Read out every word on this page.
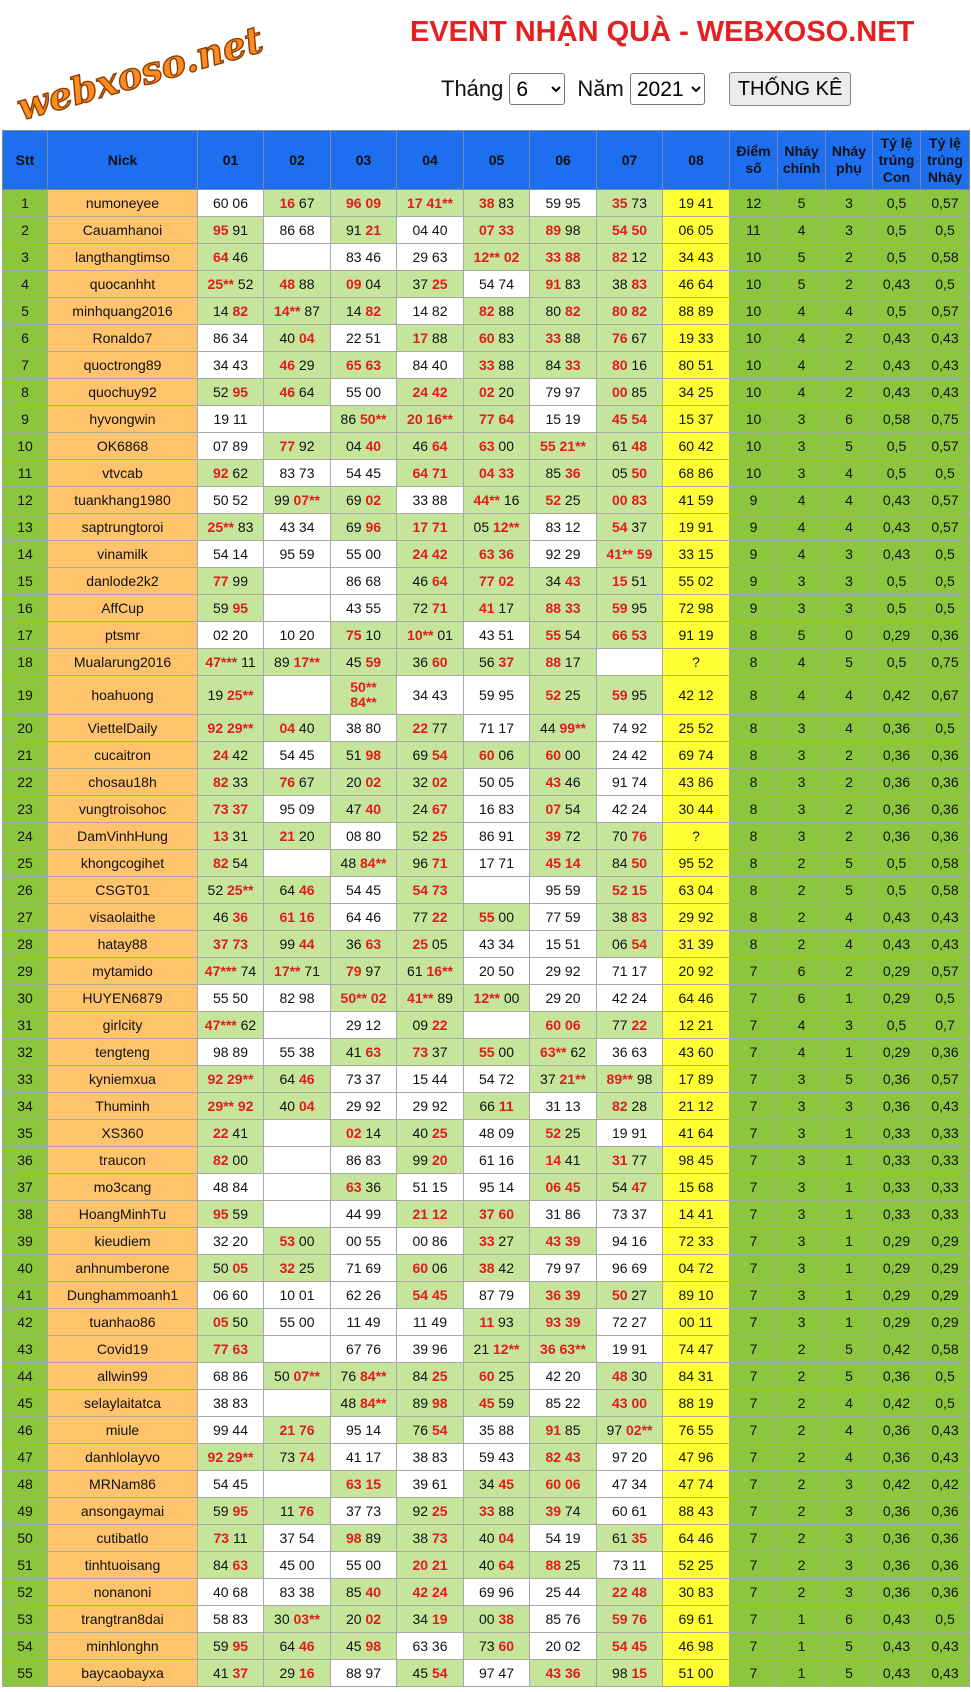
webxoso.net	EVENT NHẬN QUÀ - WEBXOSO.NET
Tháng
6	Năm
2021	THỐNG KÊ
Stt	Nick	01	02	03	04	05	06	07	08	Điểm số	Nháy chính	Nháy phụ	Tỷ lệ trúng Con	Tỷ lệ trúng Nháy
1	numoneyee	60 06	16 67	96 09	17 41**	38 83	59 95	35 73	19 41	12	5	3	0,5	0,57
2	Cauamhanoi	95 91	86 68	91 21	04 40	07 33	89 98	54 50	06 05	11	4	3	0,5	0,5
3	langthangtimso	64 46		83 46	29 63	12** 02	33 88	82 12	34 43	10	5	2	0,5	0,58
4	quocanhht	25** 52	48 88	09 04	37 25	54 74	91 83	38 83	46 64	10	5	2	0,43	0,5
5	minhquang2016	14 82	14** 87	14 82	14 82	82 88	80 82	80 82	88 89	10	4	4	0,5	0,57
6	Ronaldo7	86 34	40 04	22 51	17 88	60 83	33 88	76 67	19 33	10	4	2	0,43	0,43
7	quoctrong89	34 43	46 29	65 63	84 40	33 88	84 33	80 16	80 51	10	4	2	0,43	0,43
8	quochuy92	52 95	46 64	55 00	24 42	02 20	79 97	00 85	34 25	10	4	2	0,43	0,43
9	hyvongwin	19 11		86 50**	20 16**	77 64	15 19	45 54	15 37	10	3	6	0,58	0,75
10	OK6868	07 89	77 92	04 40	46 64	63 00	55 21**	61 48	60 42	10	3	5	0,5	0,57
11	vtvcab	92 62	83 73	54 45	64 71	04 33	85 36	05 50	68 86	10	3	4	0,5	0,5
12	tuankhang1980	50 52	99 07**	69 02	33 88	44** 16	52 25	00 83	41 59	9	4	4	0,43	0,57
13	saptrungtoroi	25** 83	43 34	69 96	17 71	05 12**	83 12	54 37	19 91	9	4	4	0,43	0,57
14	vinamilk	54 14	95 59	55 00	24 42	63 36	92 29	41** 59	33 15	9	4	3	0,43	0,5
15	danlode2k2	77 99		86 68	46 64	77 02	34 43	15 51	55 02	9	3	3	0,5	0,5
16	AffCup	59 95		43 55	72 71	41 17	88 33	59 95	72 98	9	3	3	0,5	0,5
17	ptsmr	02 20	10 20	75 10	10** 01	43 51	55 54	66 53	91 19	8	5	0	0,29	0,36
18	Mualarung2016	47*** 11	89 17**	45 59	36 60	56 37	88 17		?	8	4	5	0,5	0,75
19	hoahuong	19 25**		50**
84**	34 43	59 95	52 25	59 95	42 12	8	4	4	0,42	0,67
20	ViettelDaily	92 29**	04 40	38 80	22 77	71 17	44 99**	74 92	25 52	8	3	4	0,36	0,5
21	cucaitron	24 42	54 45	51 98	69 54	60 06	60 00	24 42	69 74	8	3	2	0,36	0,36
22	chosau18h	82 33	76 67	20 02	32 02	50 05	43 46	91 74	43 86	8	3	2	0,36	0,36
23	vungtroisohoc	73 37	95 09	47 40	24 67	16 83	07 54	42 24	30 44	8	3	2	0,36	0,36
24	DamVinhHung	13 31	21 20	08 80	52 25	86 91	39 72	70 76	?	8	3	2	0,36	0,36
25	khongcogihet	82 54		48 84**	96 71	17 71	45 14	84 50	95 52	8	2	5	0,5	0,58
26	CSGT01	52 25**	64 46	54 45	54 73		95 59	52 15	63 04	8	2	5	0,5	0,58
27	visaolaithe	46 36	61 16	64 46	77 22	55 00	77 59	38 83	29 92	8	2	4	0,43	0,43
28	hatay88	37 73	99 44	36 63	25 05	43 34	15 51	06 54	31 39	8	2	4	0,43	0,43
29	mytamido	47*** 74	17** 71	79 97	61 16**	20 50	29 92	71 17	20 92	7	6	2	0,29	0,57
30	HUYEN6879	55 50	82 98	50** 02	41** 89	12** 00	29 20	42 24	64 46	7	6	1	0,29	0,5
31	girlcity	47*** 62		29 12	09 22		60 06	77 22	12 21	7	4	3	0,5	0,7
32	tengteng	98 89	55 38	41 63	73 37	55 00	63** 62	36 63	43 60	7	4	1	0,29	0,36
33	kyniemxua	92 29**	64 46	73 37	15 44	54 72	37 21**	89** 98	17 89	7	3	5	0,36	0,57
34	Thuminh	29** 92	40 04	29 92	29 92	66 11	31 13	82 28	21 12	7	3	3	0,36	0,43
35	XS360	22 41		02 14	40 25	48 09	52 25	19 91	41 64	7	3	1	0,33	0,33
36	traucon	82 00		86 83	99 20	61 16	14 41	31 77	98 45	7	3	1	0,33	0,33
37	mo3cang	48 84		63 36	51 15	95 14	06 45	54 47	15 68	7	3	1	0,33	0,33
38	HoangMinhTu	95 59		44 99	21 12	37 60	31 86	73 37	14 41	7	3	1	0,33	0,33
39	kieudiem	32 20	53 00	00 55	00 86	33 27	43 39	94 16	72 33	7	3	1	0,29	0,29
40	anhnumberone	50 05	32 25	71 69	60 06	38 42	79 97	96 69	04 72	7	3	1	0,29	0,29
41	Dunghammoanh1	06 60	10 01	62 26	54 45	87 79	36 39	50 27	89 10	7	3	1	0,29	0,29
42	tuanhao86	05 50	55 00	11 49	11 49	11 93	93 39	72 27	00 11	7	3	1	0,29	0,29
43	Covid19	77 63		67 76	39 96	21 12**	36 63**	19 91	74 47	7	2	5	0,42	0,58
44	allwin99	68 86	50 07**	76 84**	84 25	60 25	42 20	48 30	84 31	7	2	5	0,36	0,5
45	selaylaitatca	38 83		48 84**	89 98	45 59	85 22	43 00	88 19	7	2	4	0,42	0,5
46	miule	99 44	21 76	95 14	76 54	35 88	91 85	97 02**	76 55	7	2	4	0,36	0,43
47	danhlolayvo	92 29**	73 74	41 17	38 83	59 43	82 43	97 20	47 96	7	2	4	0,36	0,43
48	MRNam86	54 45		63 15	39 61	34 45	60 06	47 34	47 74	7	2	3	0,42	0,42
49	ansongaymai	59 95	11 76	37 73	92 25	33 88	39 74	60 61	88 43	7	2	3	0,36	0,36
50	cutibatlo	73 11	37 54	98 89	38 73	40 04	54 19	61 35	64 46	7	2	3	0,36	0,36
51	tinhtuoisang	84 63	45 00	55 00	20 21	40 64	88 25	73 11	52 25	7	2	3	0,36	0,36
52	nonanoni	40 68	83 38	85 40	42 24	69 96	25 44	22 48	30 83	7	2	3	0,36	0,36
53	trangtran8dai	58 83	30 03**	20 02	34 19	00 38	85 76	59 76	69 61	7	1	6	0,43	0,5
54	minhlonghn	59 95	64 46	45 98	63 36	73 60	20 02	54 45	46 98	7	1	5	0,43	0,43
55	baycaobayxa	41 37	29 16	88 97	45 54	97 47	43 36	98 15	51 00	7	1	5	0,43	0,43
